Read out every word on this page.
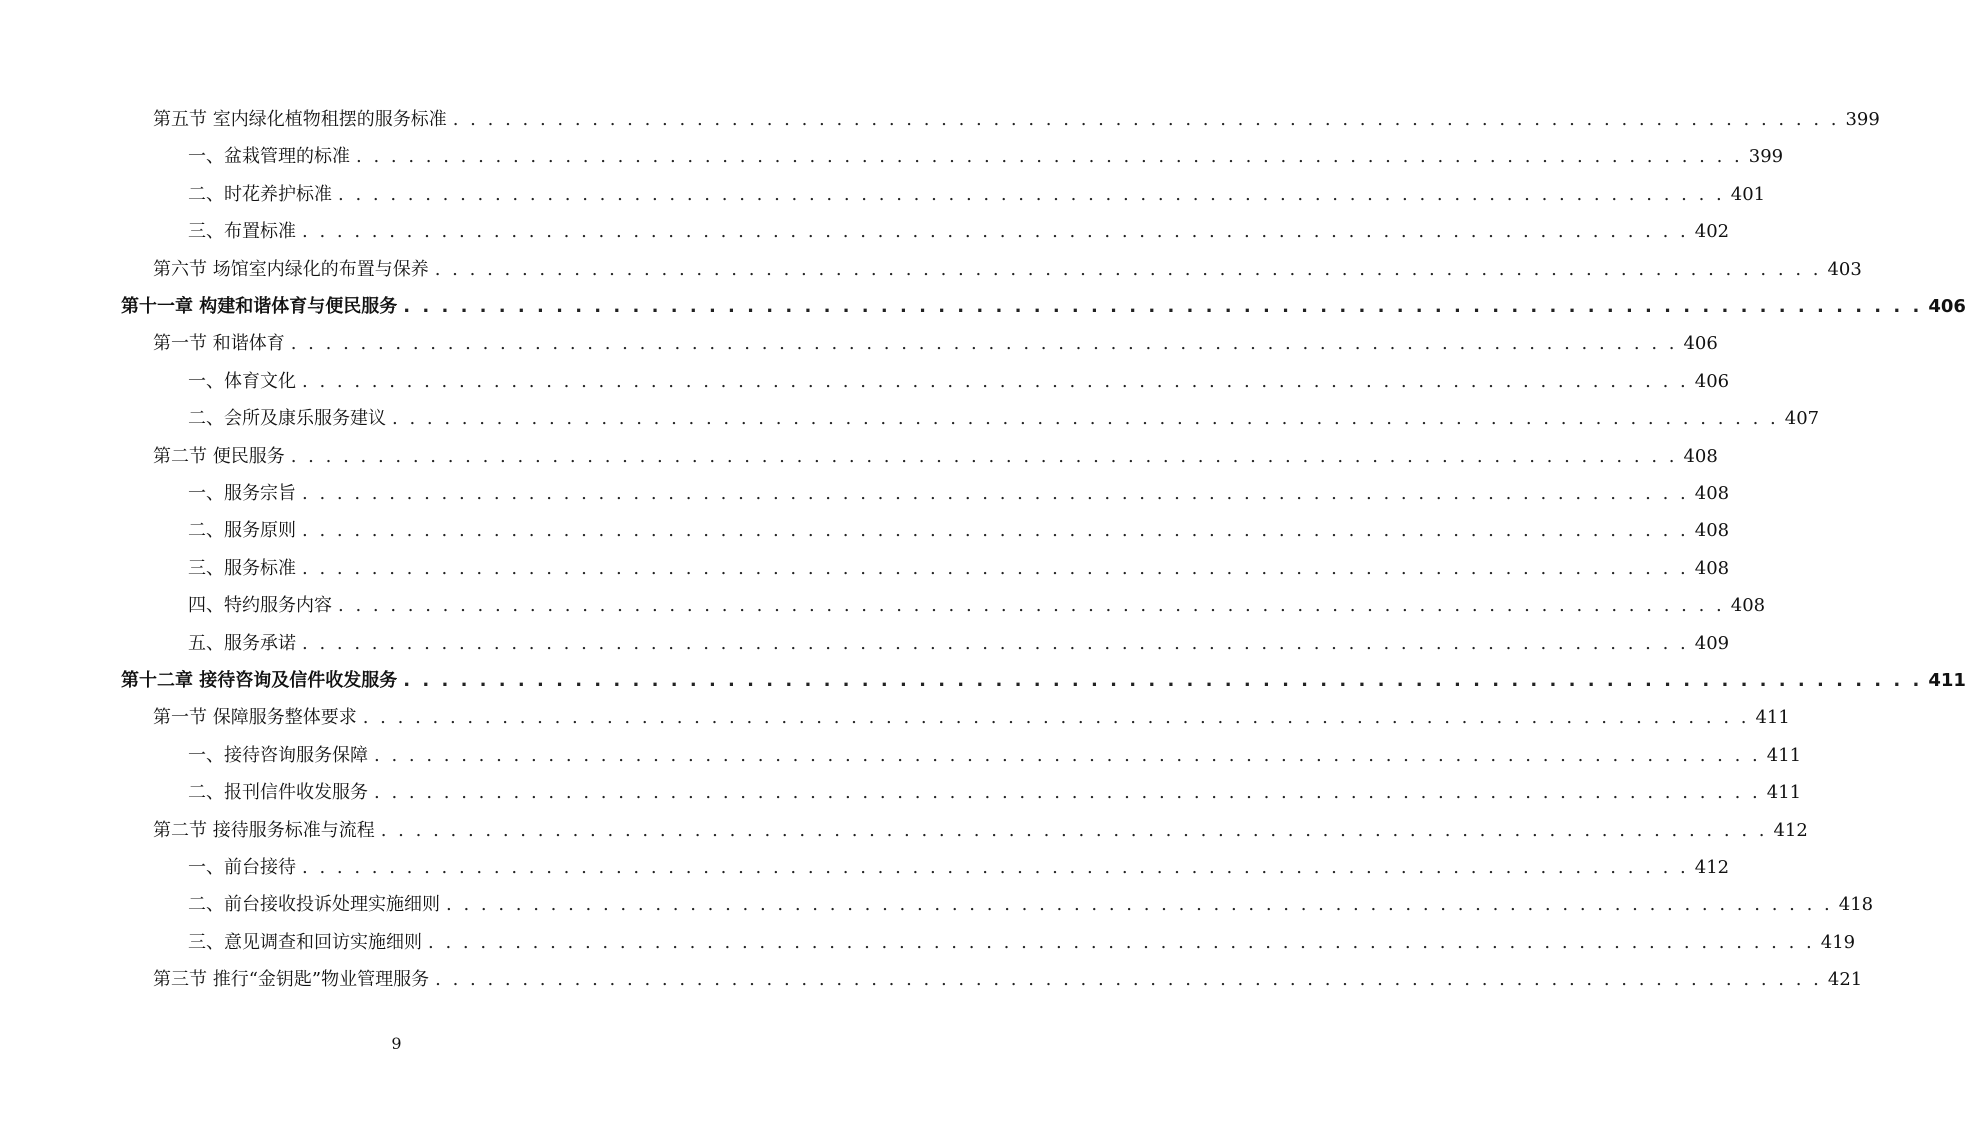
第五节 室内绿化植物租摆的服务标准 . . . . . . . . . . . . . . . . . . . . . . . . . . . . . . . . . . . . . . . . . . . . . . . . . . . . . . . . . . . . . . . . . . . . . . . . . . . . . . . . 399
一、盆栽管理的标准 . . . . . . . . . . . . . . . . . . . . . . . . . . . . . . . . . . . . . . . . . . . . . . . . . . . . . . . . . . . . . . . . . . . . . . . . . . . . . . . . 399
二、时花养护标准 . . . . . . . . . . . . . . . . . . . . . . . . . . . . . . . . . . . . . . . . . . . . . . . . . . . . . . . . . . . . . . . . . . . . . . . . . . . . . . . . 401
三、布置标准 . . . . . . . . . . . . . . . . . . . . . . . . . . . . . . . . . . . . . . . . . . . . . . . . . . . . . . . . . . . . . . . . . . . . . . . . . . . . . . . . 402
第六节 场馆室内绿化的布置与保养 . . . . . . . . . . . . . . . . . . . . . . . . . . . . . . . . . . . . . . . . . . . . . . . . . . . . . . . . . . . . . . . . . . . . . . . . . . . . . . . . 403
第十一章 构建和谐体育与便民服务 . . . . . . . . . . . . . . . . . . . . . . . . . . . . . . . . . . . . . . . . . . . . . . . . . . . . . . . . . . . . . . . . . . . . . . . . . . . . . . . . 406
第一节 和谐体育 . . . . . . . . . . . . . . . . . . . . . . . . . . . . . . . . . . . . . . . . . . . . . . . . . . . . . . . . . . . . . . . . . . . . . . . . . . . . . . . . 406
一、体育文化 . . . . . . . . . . . . . . . . . . . . . . . . . . . . . . . . . . . . . . . . . . . . . . . . . . . . . . . . . . . . . . . . . . . . . . . . . . . . . . . . 406
二、会所及康乐服务建议 . . . . . . . . . . . . . . . . . . . . . . . . . . . . . . . . . . . . . . . . . . . . . . . . . . . . . . . . . . . . . . . . . . . . . . . . . . . . . . . . 407
第二节 便民服务 . . . . . . . . . . . . . . . . . . . . . . . . . . . . . . . . . . . . . . . . . . . . . . . . . . . . . . . . . . . . . . . . . . . . . . . . . . . . . . . . 408
一、服务宗旨 . . . . . . . . . . . . . . . . . . . . . . . . . . . . . . . . . . . . . . . . . . . . . . . . . . . . . . . . . . . . . . . . . . . . . . . . . . . . . . . . 408
二、服务原则 . . . . . . . . . . . . . . . . . . . . . . . . . . . . . . . . . . . . . . . . . . . . . . . . . . . . . . . . . . . . . . . . . . . . . . . . . . . . . . . . 408
三、服务标准 . . . . . . . . . . . . . . . . . . . . . . . . . . . . . . . . . . . . . . . . . . . . . . . . . . . . . . . . . . . . . . . . . . . . . . . . . . . . . . . . 408
四、特约服务内容 . . . . . . . . . . . . . . . . . . . . . . . . . . . . . . . . . . . . . . . . . . . . . . . . . . . . . . . . . . . . . . . . . . . . . . . . . . . . . . . . 408
五、服务承诺 . . . . . . . . . . . . . . . . . . . . . . . . . . . . . . . . . . . . . . . . . . . . . . . . . . . . . . . . . . . . . . . . . . . . . . . . . . . . . . . . 409
第十二章 接待咨询及信件收发服务 . . . . . . . . . . . . . . . . . . . . . . . . . . . . . . . . . . . . . . . . . . . . . . . . . . . . . . . . . . . . . . . . . . . . . . . . . . . . . . . . 411
第一节 保障服务整体要求 . . . . . . . . . . . . . . . . . . . . . . . . . . . . . . . . . . . . . . . . . . . . . . . . . . . . . . . . . . . . . . . . . . . . . . . . . . . . . . . . 411
一、接待咨询服务保障 . . . . . . . . . . . . . . . . . . . . . . . . . . . . . . . . . . . . . . . . . . . . . . . . . . . . . . . . . . . . . . . . . . . . . . . . . . . . . . . . 411
二、报刊信件收发服务 . . . . . . . . . . . . . . . . . . . . . . . . . . . . . . . . . . . . . . . . . . . . . . . . . . . . . . . . . . . . . . . . . . . . . . . . . . . . . . . . 411
第二节 接待服务标准与流程 . . . . . . . . . . . . . . . . . . . . . . . . . . . . . . . . . . . . . . . . . . . . . . . . . . . . . . . . . . . . . . . . . . . . . . . . . . . . . . . . 412
一、前台接待 . . . . . . . . . . . . . . . . . . . . . . . . . . . . . . . . . . . . . . . . . . . . . . . . . . . . . . . . . . . . . . . . . . . . . . . . . . . . . . . . 412
二、前台接收投诉处理实施细则 . . . . . . . . . . . . . . . . . . . . . . . . . . . . . . . . . . . . . . . . . . . . . . . . . . . . . . . . . . . . . . . . . . . . . . . . . . . . . . . . 418
三、意见调查和回访实施细则 . . . . . . . . . . . . . . . . . . . . . . . . . . . . . . . . . . . . . . . . . . . . . . . . . . . . . . . . . . . . . . . . . . . . . . . . . . . . . . . . 419
第三节 推行“金钥匙”物业管理服务 . . . . . . . . . . . . . . . . . . . . . . . . . . . . . . . . . . . . . . . . . . . . . . . . . . . . . . . . . . . . . . . . . . . . . . . . . . . . . . . . 421
9
